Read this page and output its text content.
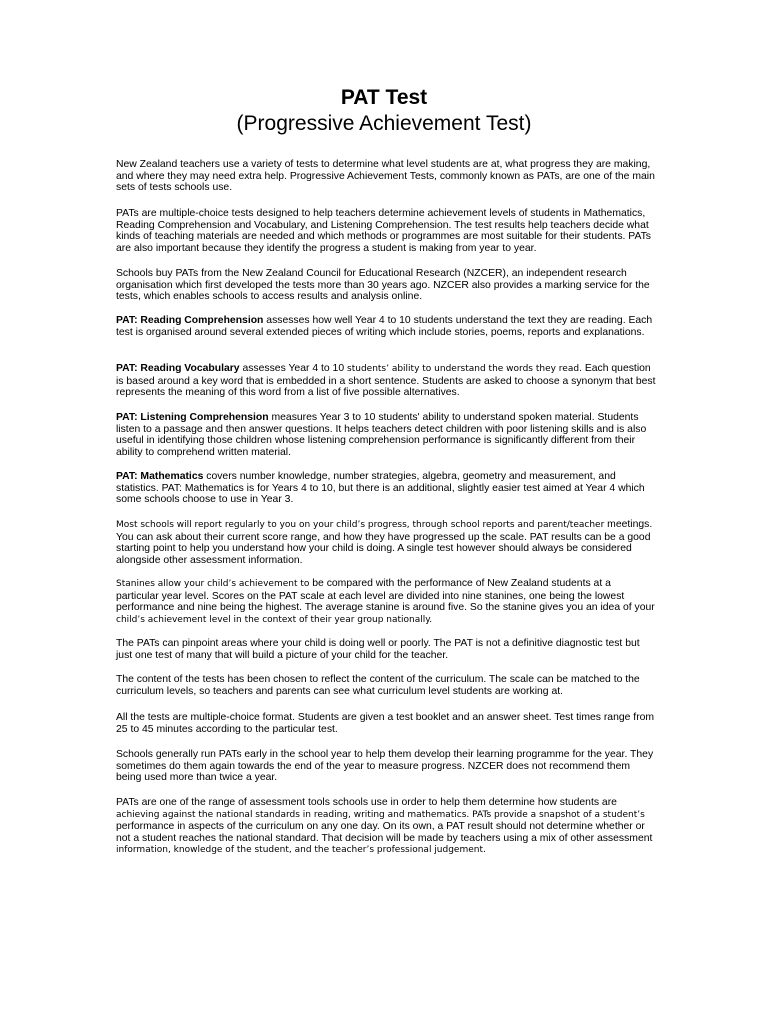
PAT Test
(Progressive Achievement Test)

New Zealand teachers use a variety of tests to determine what level students are at, what progress they are making, and where they may need extra help. Progressive Achievement Tests, commonly known as PATs, are one of the main sets of tests schools use.

PATs are multiple-choice tests designed to help teachers determine achievement levels of students in Mathematics, Reading Comprehension and Vocabulary, and Listening Comprehension. The test results help teachers decide what kinds of teaching materials are needed and which methods or programmes are most suitable for their students. PATs are also important because they identify the progress a student is making from year to year.

Schools buy PATs from the New Zealand Council for Educational Research (NZCER), an independent research organisation which first developed the tests more than 30 years ago. NZCER also provides a marking service for the tests, which enables schools to access results and analysis online.

PAT: Reading Comprehension assesses how well Year 4 to 10 students understand the text they are reading. Each test is organised around several extended pieces of writing which include stories, poems, reports and explanations.

PAT: Reading Vocabulary assesses Year 4 to 10 students’ ability to understand the words they read. Each question is based around a key word that is embedded in a short sentence. Students are asked to choose a synonym that best represents the meaning of this word from a list of five possible alternatives.

PAT: Listening Comprehension measures Year 3 to 10 students' ability to understand spoken material. Students listen to a passage and then answer questions. It helps teachers detect children with poor listening skills and is also useful in identifying those children whose listening comprehension performance is significantly different from their ability to comprehend written material.

PAT: Mathematics covers number knowledge, number strategies, algebra, geometry and measurement, and statistics. PAT: Mathematics is for Years 4 to 10, but there is an additional, slightly easier test aimed at Year 4 which some schools choose to use in Year 3.

Most schools will report regularly to you on your child’s progress, through school reports and parent/teacher meetings. You can ask about their current score range, and how they have progressed up the scale. PAT results can be a good starting point to help you understand how your child is doing. A single test however should always be considered alongside other assessment information.

Stanines allow your child’s achievement to be compared with the performance of New Zealand students at a particular year level. Scores on the PAT scale at each level are divided into nine stanines, one being the lowest performance and nine being the highest. The average stanine is around five. So the stanine gives you an idea of your child’s achievement level in the context of their year group nationally.

The PATs can pinpoint areas where your child is doing well or poorly. The PAT is not a definitive diagnostic test but just one test of many that will build a picture of your child for the teacher.

The content of the tests has been chosen to reflect the content of the curriculum. The scale can be matched to the curriculum levels, so teachers and parents can see what curriculum level students are working at.

All the tests are multiple-choice format. Students are given a test booklet and an answer sheet. Test times range from 25 to 45 minutes according to the particular test.

Schools generally run PATs early in the school year to help them develop their learning programme for the year. They sometimes do them again towards the end of the year to measure progress. NZCER does not recommend them being used more than twice a year.

PATs are one of the range of assessment tools schools use in order to help them determine how students are achieving against the national standards in reading, writing and mathematics. PATs provide a snapshot of a student’s performance in aspects of the curriculum on any one day. On its own, a PAT result should not determine whether or not a student reaches the national standard. That decision will be made by teachers using a mix of other assessment information, knowledge of the student, and the teacher’s professional judgement.
